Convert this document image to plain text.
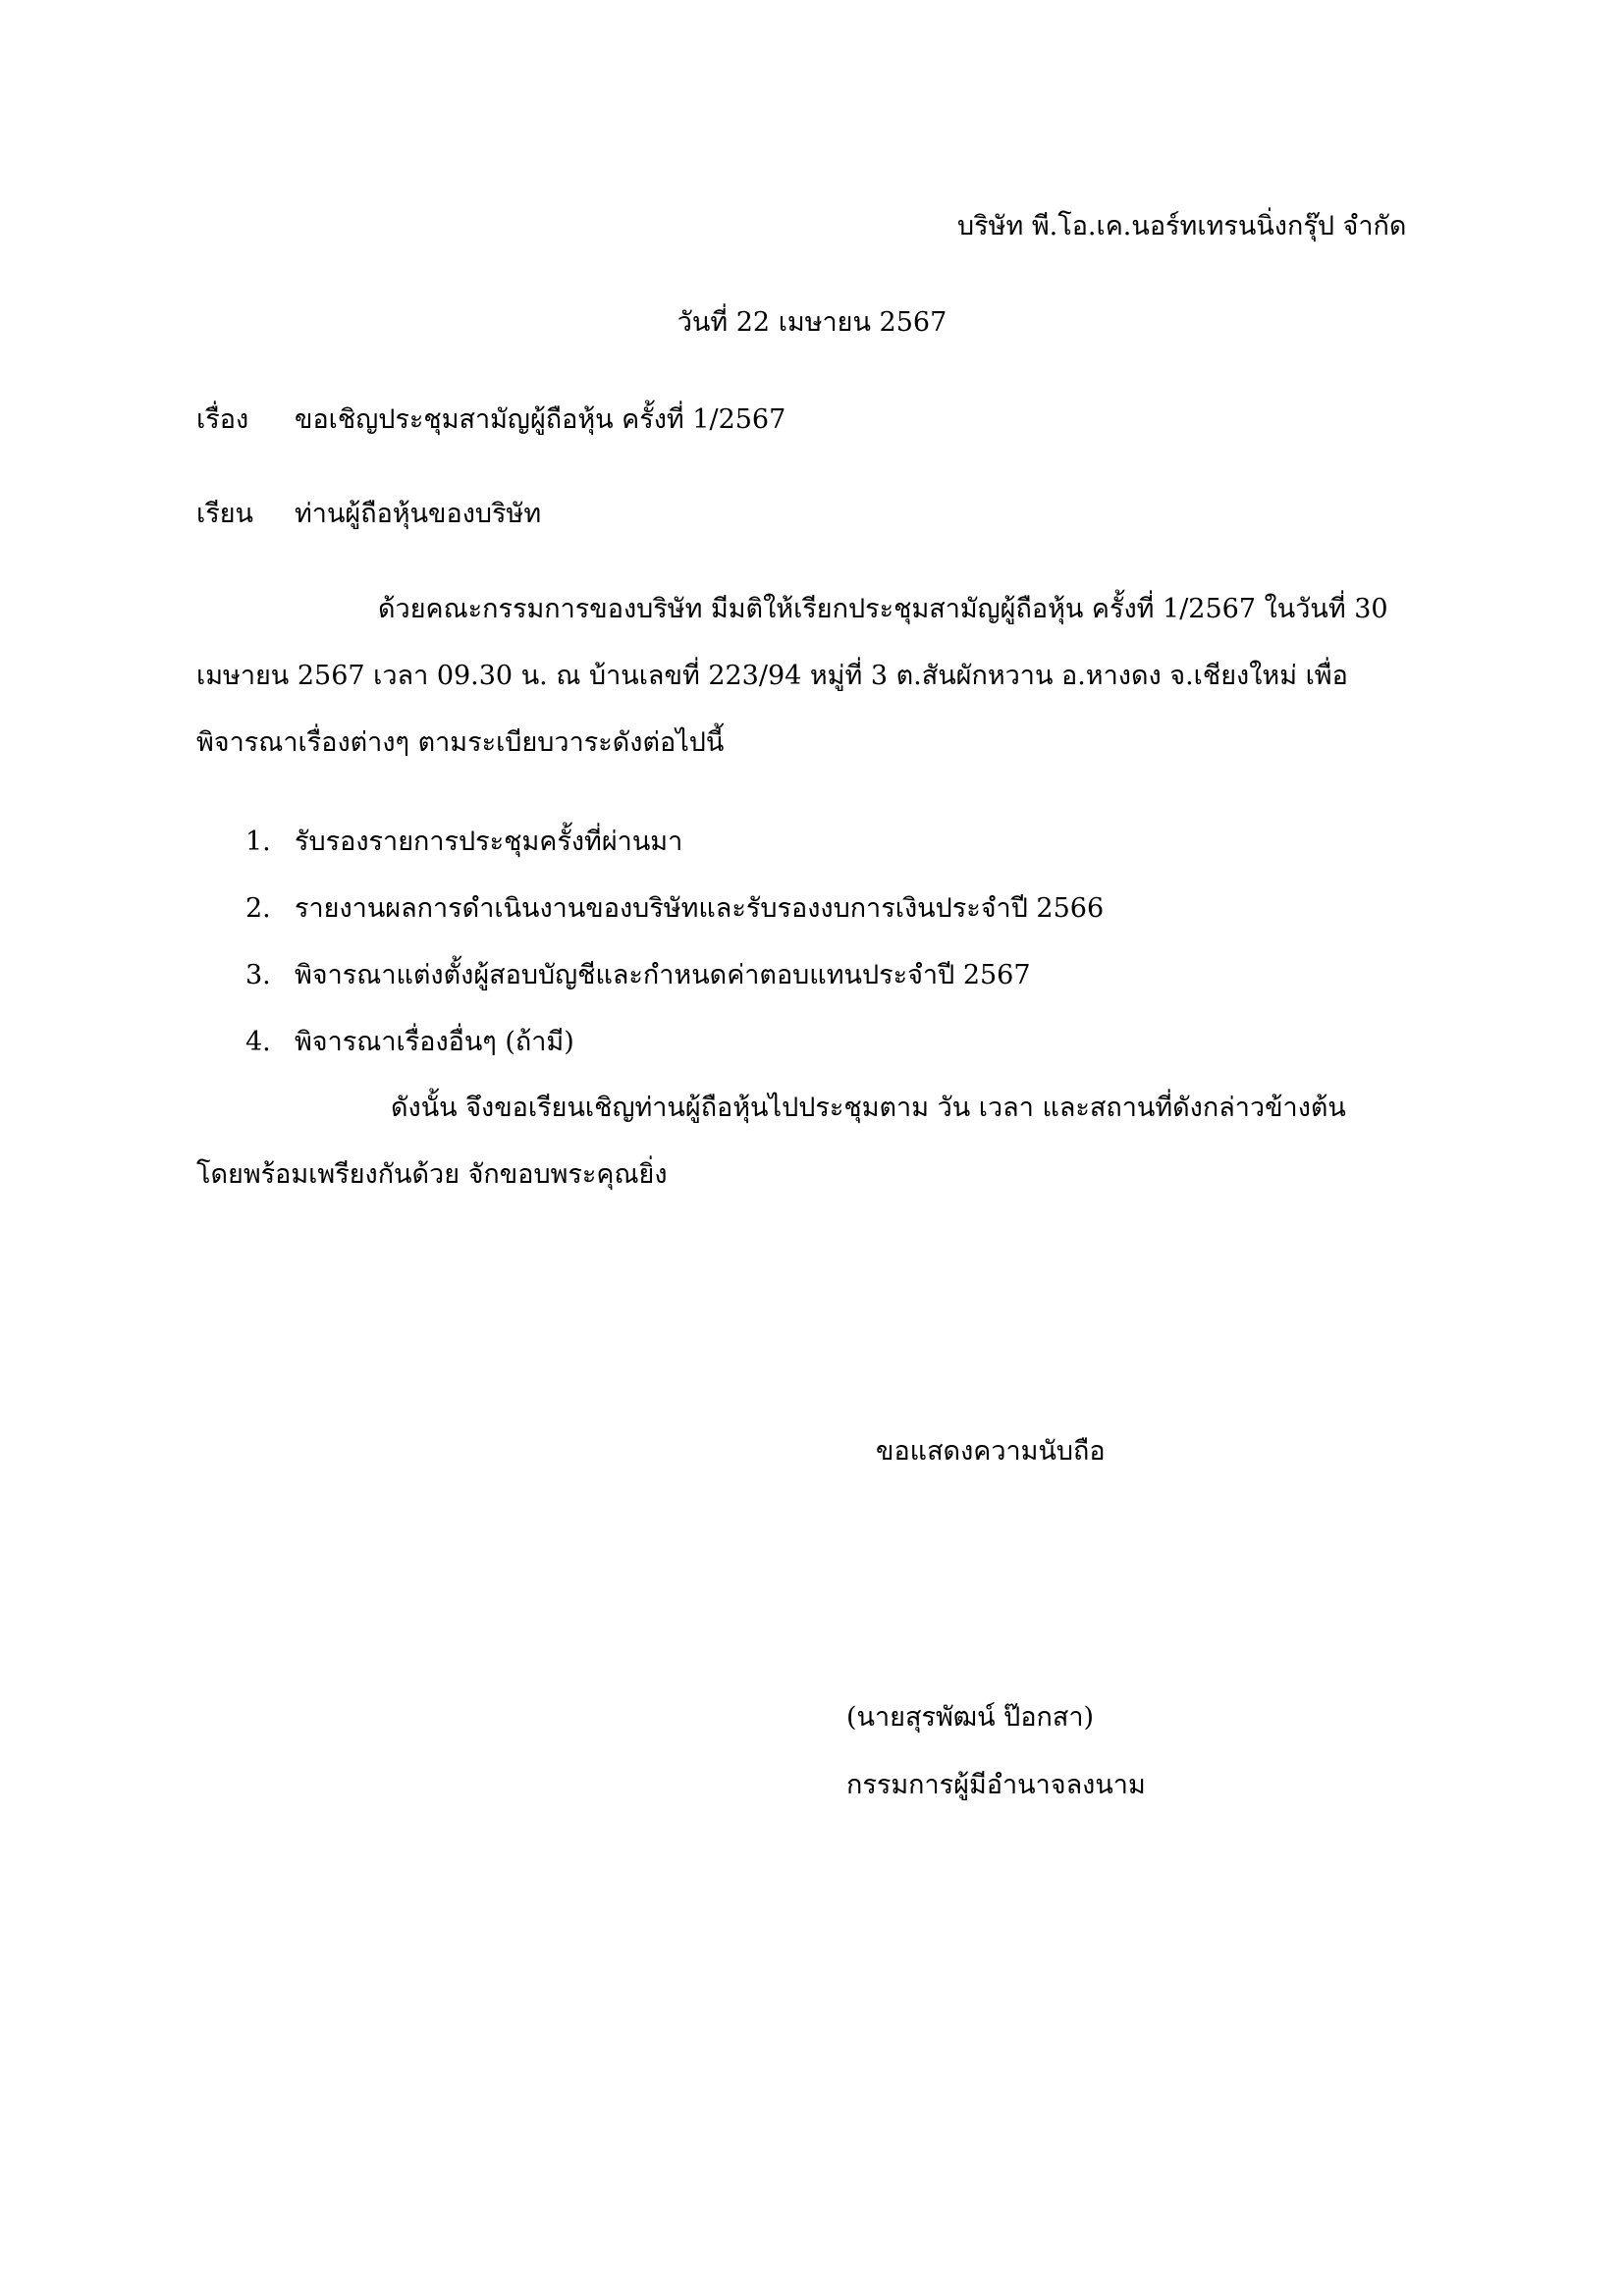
บริษัท พี.โอ.เค.นอร์ทเทรนนิ่งกรุ๊ป จำกัด
วันที่ 22 เมษายน 2567
เรื่อง ขอเชิญประชุมสามัญผู้ถือหุ้น ครั้งที่ 1/2567
เรียน ท่านผู้ถือหุ้นของบริษัท
ด้วยคณะกรรมการของบริษัท มีมติให้เรียกประชุมสามัญผู้ถือหุ้น ครั้งที่ 1/2567 ในวันที่ 30
เมษายน 2567 เวลา 09.30 น. ณ บ้านเลขที่ 223/94 หมู่ที่ 3 ต.สันผักหวาน อ.หางดง จ.เชียงใหม่ เพื่อ
พิจารณาเรื่องต่างๆ ตามระเบียบวาระดังต่อไปนี้
1. รับรองรายการประชุมครั้งที่ผ่านมา
2. รายงานผลการดำเนินงานของบริษัทและรับรองงบการเงินประจำปี 2566
3. พิจารณาแต่งตั้งผู้สอบบัญชีและกำหนดค่าตอบแทนประจำปี 2567
4. พิจารณาเรื่องอื่นๆ (ถ้ามี)
ดังนั้น จึงขอเรียนเชิญท่านผู้ถือหุ้นไปประชุมตาม วัน เวลา และสถานที่ดังกล่าวข้างต้น
โดยพร้อมเพรียงกันด้วย จักขอบพระคุณยิ่ง
ขอแสดงความนับถือ
(นายสุรพัฒน์ ป๊อกสา)
กรรมการผู้มีอำนาจลงนาม
